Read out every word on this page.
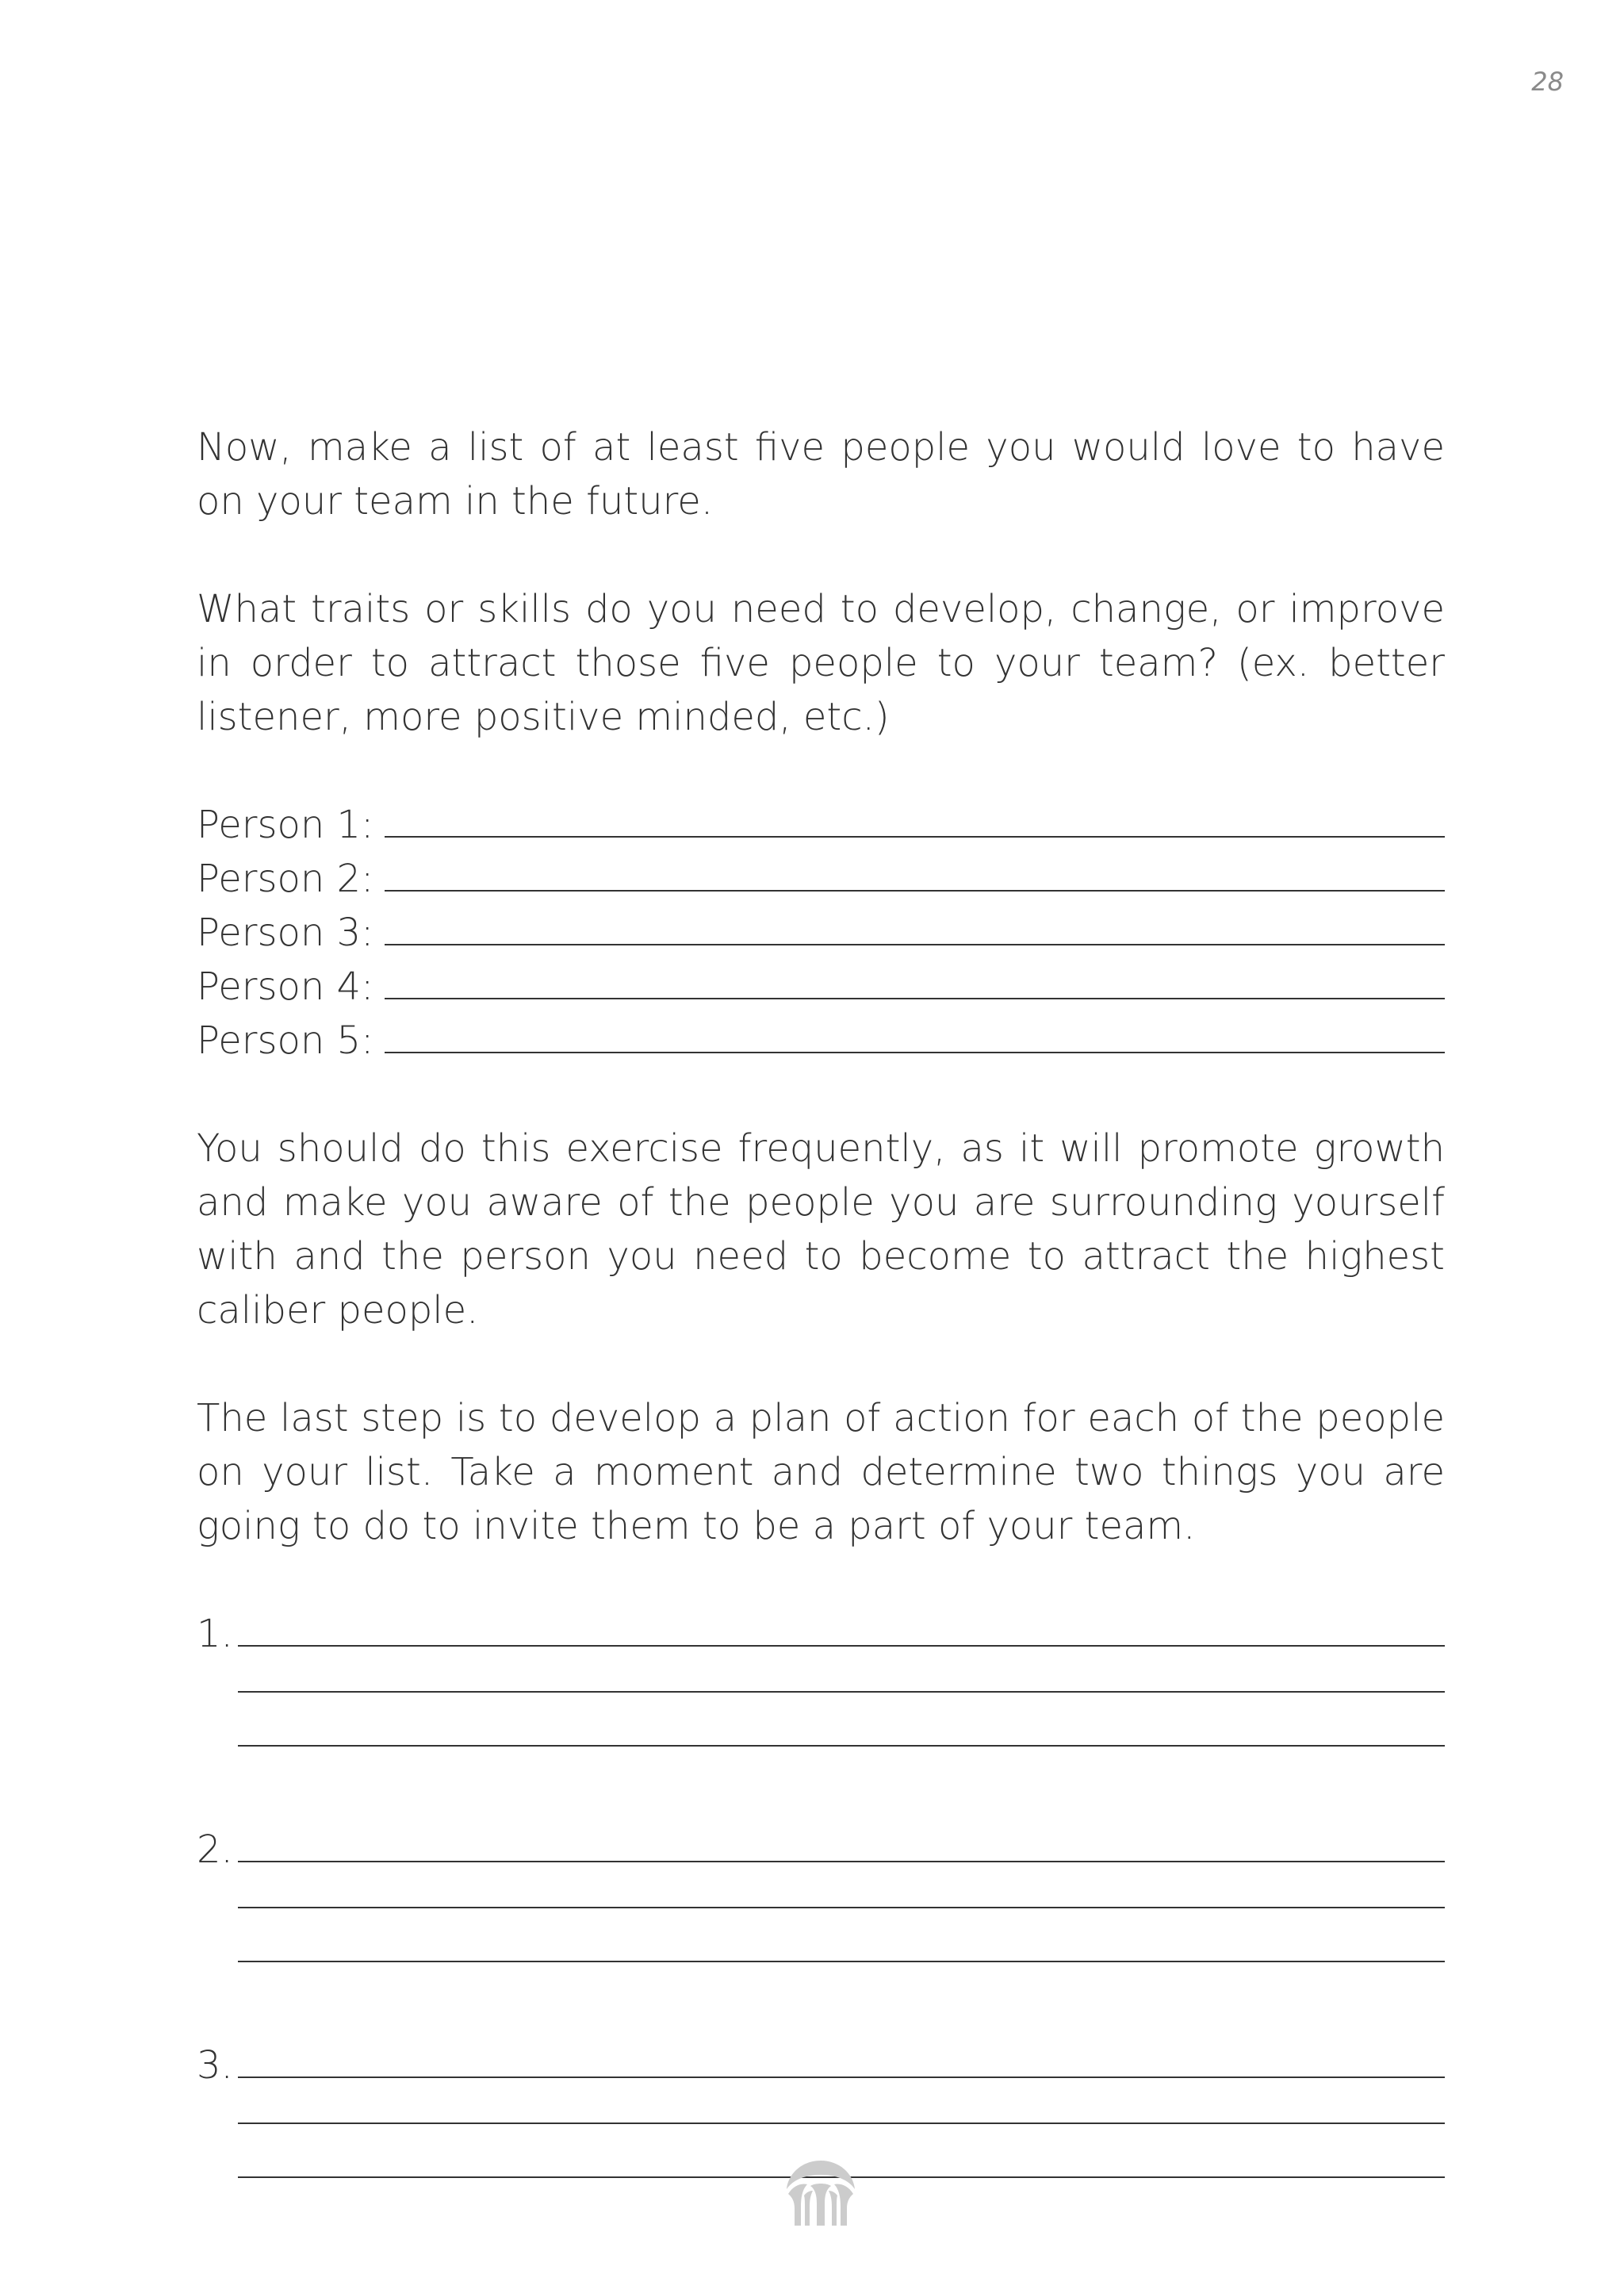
28

Now, make a list of at least five people you would love to have on your team in the future.

What traits or skills do you need to develop, change, or improve in order to attract those five people to your team? (ex. better listener, more positive minded, etc.)

Person 1:
Person 2:
Person 3:
Person 4:
Person 5:

You should do this exercise frequently, as it will promote growth and make you aware of the people you are surrounding yourself with and the person you need to become to attract the highest caliber people.

The last step is to develop a plan of action for each of the people on your list. Take a moment and determine two things you are going to do to invite them to be a part of your team.

1.
2.
3.
